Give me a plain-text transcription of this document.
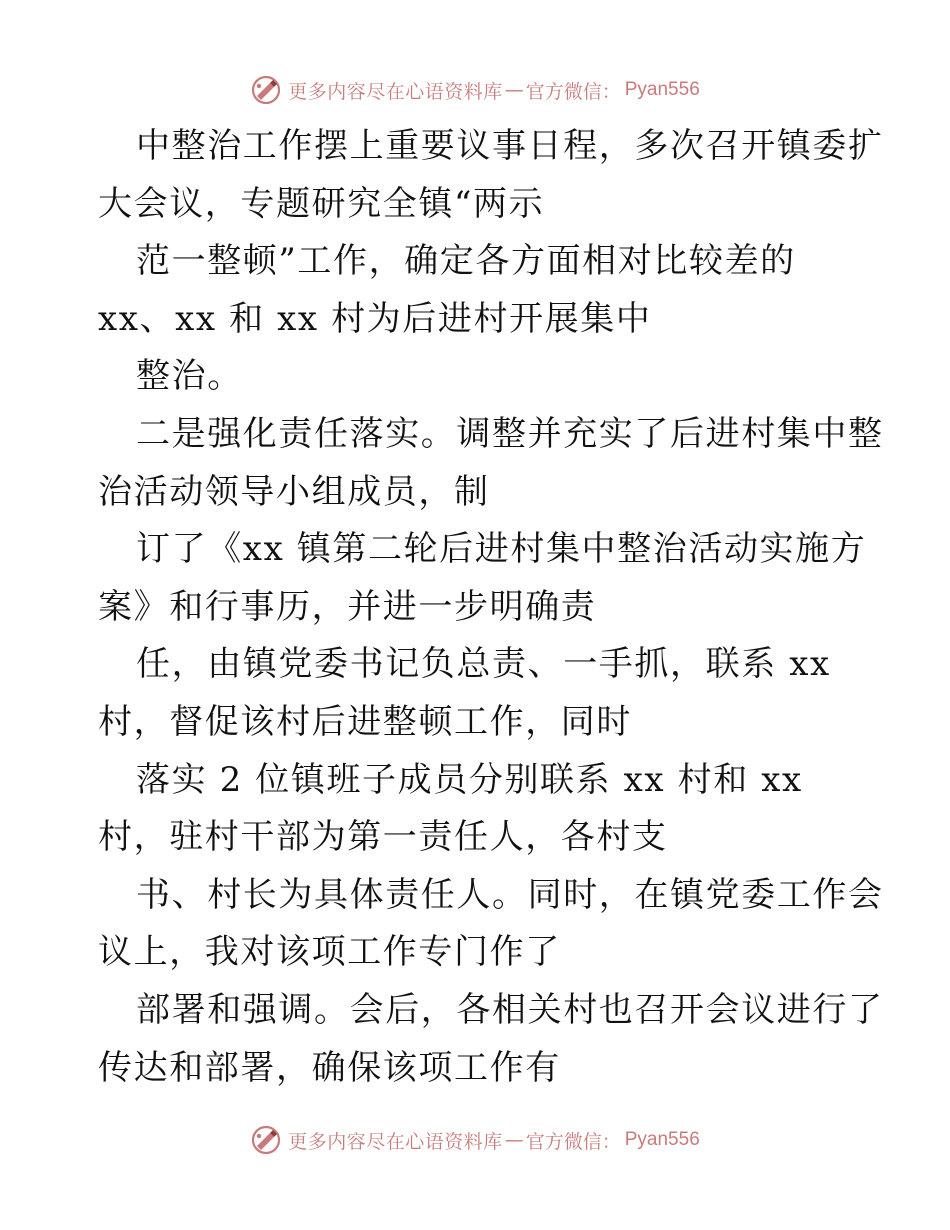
更多内容尽在心语资料库 — 官方微信： Pyan556
中整治工作摆上重要议事日程，多次召开镇委扩
大会议，专题研究全镇“两示
范一整顿”工作，确定各方面相对比较差的
xx、xx 和 xx 村为后进村开展集中
整治。
二是强化责任落实。调整并充实了后进村集中整
治活动领导小组成员，制
订了《xx 镇第二轮后进村集中整治活动实施方
案》和行事历，并进一步明确责
任，由镇党委书记负总责、一手抓，联系 xx
村，督促该村后进整顿工作，同时
落实 2 位镇班子成员分别联系 xx 村和 xx
村，驻村干部为第一责任人，各村支
书、村长为具体责任人。同时，在镇党委工作会
议上，我对该项工作专门作了
部署和强调。会后，各相关村也召开会议进行了
传达和部署，确保该项工作有
更多内容尽在心语资料库 — 官方微信： Pyan556
